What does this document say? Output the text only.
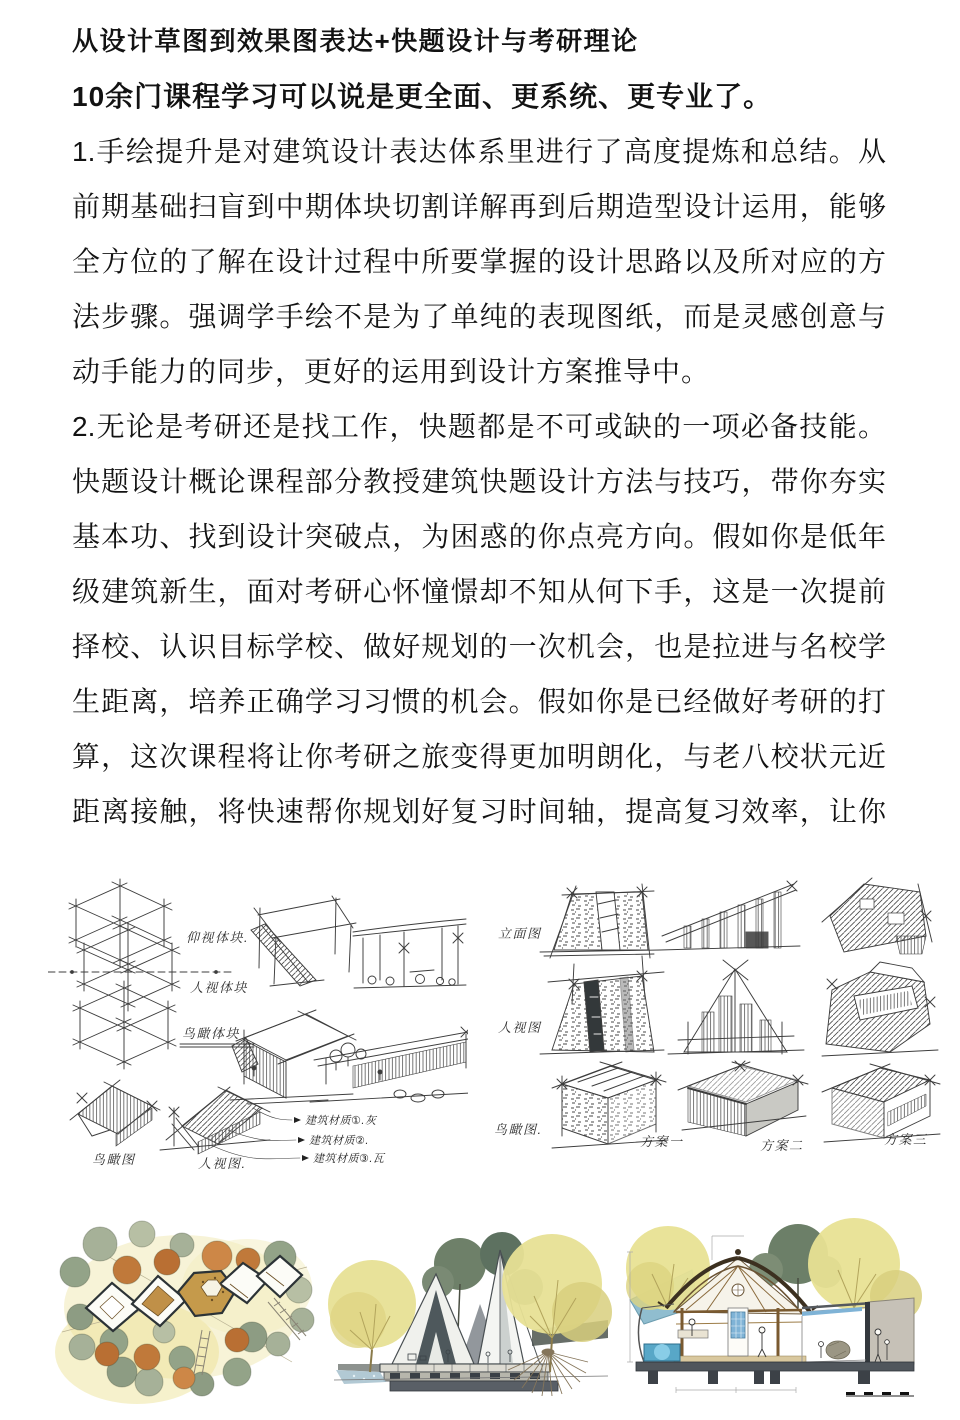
从设计草图到效果图表达+快题设计与考研理论
10余门课程学习可以说是更全面、更系统、更专业了。
1.手绘提升是对建筑设计表达体系里进行了高度提炼和总结。从
前期基础扫盲到中期体块切割详解再到后期造型设计运用，能够
全方位的了解在设计过程中所要掌握的设计思路以及所对应的方
法步骤。强调学手绘不是为了单纯的表现图纸，而是灵感创意与
动手能力的同步，更好的运用到设计方案推导中。
2.无论是考研还是找工作，快题都是不可或缺的一项必备技能。
快题设计概论课程部分教授建筑快题设计方法与技巧，带你夯实
基本功、找到设计突破点，为困惑的你点亮方向。假如你是低年
级建筑新生，面对考研心怀憧憬却不知从何下手，这是一次提前
择校、认识目标学校、做好规划的一次机会，也是拉进与名校学
生距离，培养正确学习习惯的机会。假如你是已经做好考研的打
算，这次课程将让你考研之旅变得更加明朗化，与老八校状元近
距离接触，将快速帮你规划好复习时间轴，提高复习效率，让你
仰视体块.
人视体块
鸟瞰体块
鸟瞰图	人视图.
建筑材质①.灰
建筑材质②.
建筑材质③.瓦
立面图
人视图
鸟瞰图.
方案一	方案二	方案三
